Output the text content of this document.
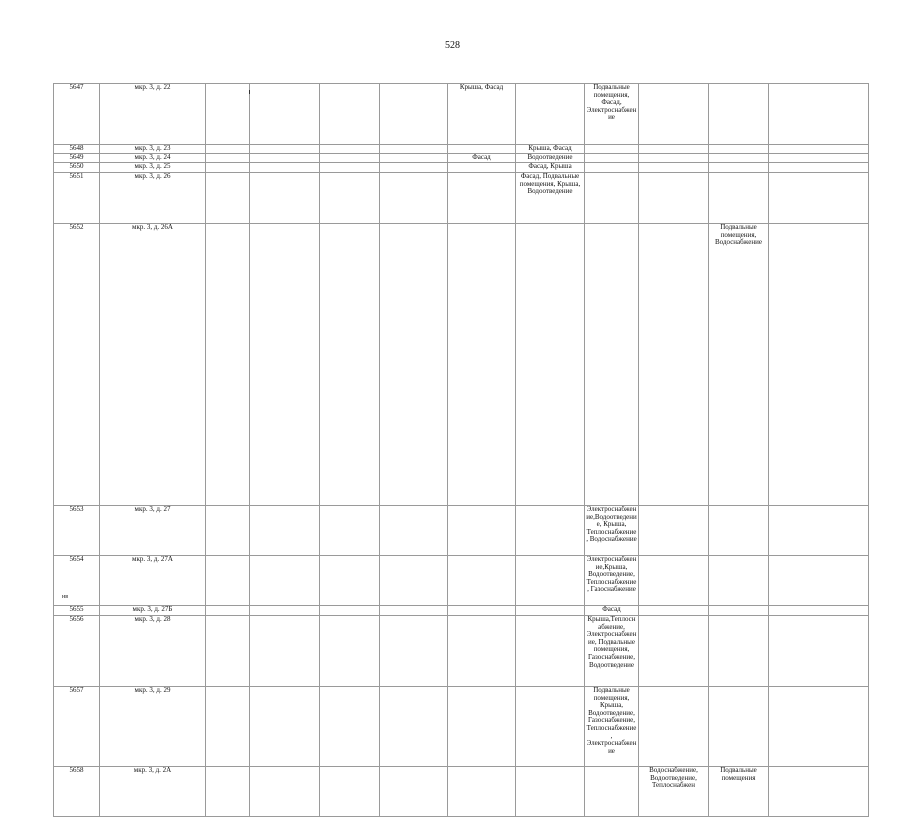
528
5647	мкр. 3, д. 22					Крыша, Фасад		Подвальные помещения, Фасад, Электроснабжение				
5648	мкр. 3, д. 23						Крыша, Фасад					
5649	мкр. 3, д. 24					Фасад	Водоотведение					
5650	мкр. 3, д. 25						Фасад, Крыша					
5651	мкр. 3, д. 26						Фасад, Подвальные помещения, Крыша, Водоотведение					
5652	мкр. 3, д. 26А									Подвальные помещения, Водоснабжение		
5653	мкр. 3, д. 27							Электроснабжение,Водоотведение, Крыша, Теплоснабжение, Водоснабжение				
5654	мкр. 3, д. 27А							Электроснабжение,Крыша, Водоотведение, Теплоснабжение, Газоснабжение				
5655	мкр. 3, д. 27Б							Фасад				
5656	мкр. 3, д. 28							Крыша,Теплоснабжение, Электроснабжение, Подвальные помещения, Газоснабжение, Водоотведение				
5657	мкр. 3, д. 29							Подвальные помещения, Крыша, Водоотведение, Газоснабжение, Теплоснабжение, Электроснабжение				
5658	мкр. 3, д. 2А								Водоснабжение, Водоотведение, Теплоснабжен	Подвальные помещения		
нв
